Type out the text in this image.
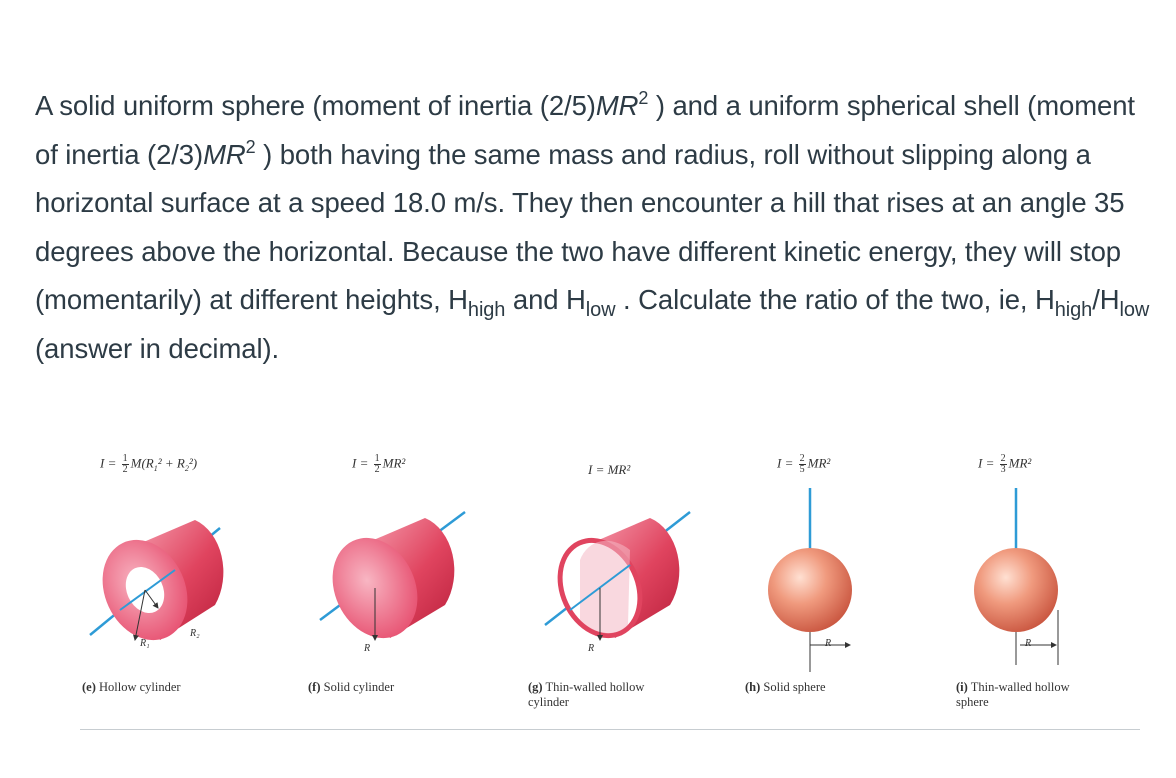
A solid uniform sphere (moment of inertia $(2/5)MR^2$ ) and a uniform spherical shell (moment of inertia $(2/3)MR^2$ ) both having the same mass and radius, roll without slipping along a horizontal surface at a speed 18.0 m/s. They then encounter a hill that rises at an angle 35 degrees above the horizontal. Because the two have different kinetic energy, they will stop (momentarily) at different heights, $H_{high}$ and $H_{low}$ . Calculate the ratio of the two, ie, $H_{high}/H_{low}$ (answer in decimal).

$I = \frac{1}{2} M(R_1^2 + R_2^2)$	$I = \frac{1}{2} MR^2$	I = MR²	$I = \frac{2}{5} MR^2$	$I = \frac{2}{3} MR^2$
R₁
R₂
R	R	R	R
(e) Hollow cylinder	(f) Solid cylinder	(g) Thin-walled hollow
cylinder
(h) Solid sphere	(i) Thin-walled hollow
sphere
